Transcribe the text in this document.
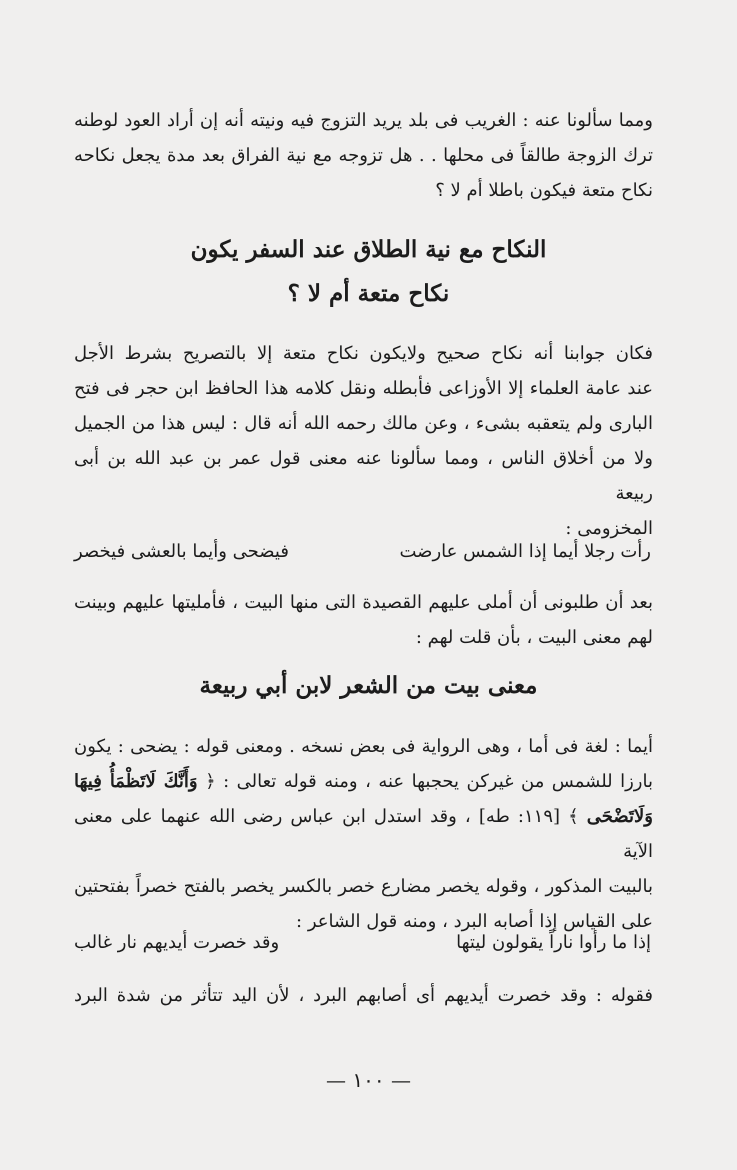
ومما سألونا عنه : الغريب فى بلد يريد التزوج فيه ونيته أنه إن أراد العود لوطنه

ترك الزوجة طالقاً فى محلها . . هل تزوجه مع نية الفراق بعد مدة يجعل نكاحه

نكاح متعة فيكون باطلا أم لا ؟

النكاح مع نية الطلاق عند السفر يكون

نكاح متعة أم لا ؟

فكان جوابنا أنه نكاح صحيح ولايكون نكاح متعة إلا بالتصريح بشرط الأجل

عند عامة العلماء إلا الأوزاعى فأبطله ونقل كلامه هذا الحافظ ابن حجر فى فتح

البارى ولم يتعقبه بشىء ، وعن مالك رحمه الله أنه قال : ليس هذا من الجميل

ولا من أخلاق الناس ، ومما سألونا عنه معنى قول عمر بن عبد الله بن أبى ربيعة

المخزومى :

رأت رجلا أيما إذا الشمس عارضت
فيضحى وأيما بالعشى فيخصر

بعد أن طلبونى أن أملى عليهم القصيدة التى منها البيت ، فأمليتها عليهم وبينت

لهم معنى البيت ، بأن قلت لهم :

معنى بيت من الشعر لابن أبي ربيعة

أيما : لغة فى أما ، وهى الرواية فى بعض نسخه . ومعنى قوله : يضحى : يكون

بارزا للشمس من غيركن يحجبها عنه ، ومنه قوله تعالى : ﴿ وَأَنَّكَ لَاتَظْمَأُ فِيهَا

وَلَاتَضْحَى ﴾ [١١٩: طه] ، وقد استدل ابن عباس رضى الله عنهما على معنى الآية

بالبيت المذكور ، وقوله يخصر مضارع خصر بالكسر يخصر بالفتح خصراً بفتحتين

على القياس إذا أصابه البرد ، ومنه قول الشاعر :

إذا ما رأوا ناراً يقولون ليتها
وقد خصرت أيديهم نار غالب

فقوله : وقد خصرت أيديهم أى أصابهم البرد ، لأن اليد تتأثر من شدة البرد

— ١٠٠ —
